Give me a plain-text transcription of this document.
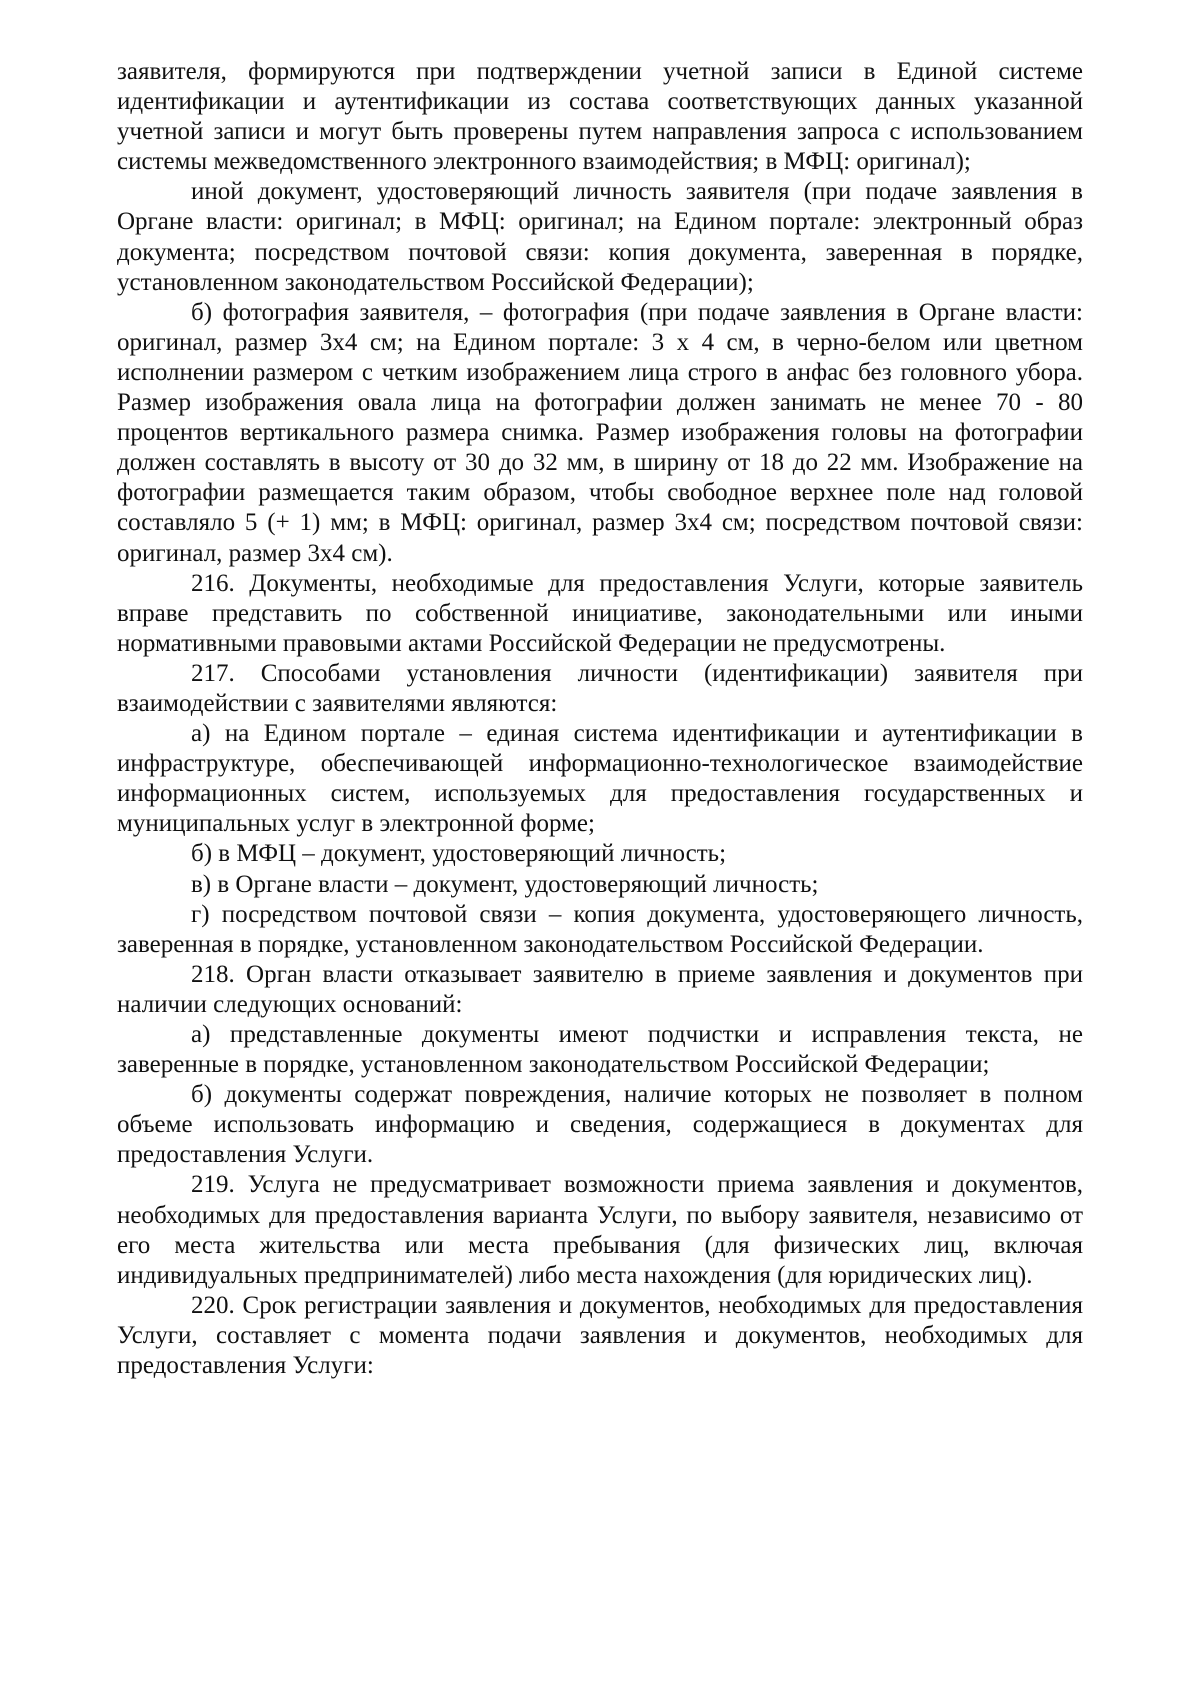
заявителя, формируются при подтверждении учетной записи в Единой системе идентификации и аутентификации из состава соответствующих данных указанной учетной записи и могут быть проверены путем направления запроса с использованием системы межведомственного электронного взаимодействия; в МФЦ: оригинал);

иной документ, удостоверяющий личность заявителя (при подаче заявления в Органе власти: оригинал; в МФЦ: оригинал; на Едином портале: электронный образ документа; посредством почтовой связи: копия документа, заверенная в порядке, установленном законодательством Российской Федерации);

б) фотография заявителя, – фотография (при подаче заявления в Органе власти: оригинал, размер 3х4 см; на Едином портале: 3 х 4 см, в черно-белом или цветном исполнении размером с четким изображением лица строго в анфас без головного убора. Размер изображения овала лица на фотографии должен занимать не менее 70 - 80 процентов вертикального размера снимка. Размер изображения головы на фотографии должен составлять в высоту от 30 до 32 мм, в ширину от 18 до 22 мм. Изображение на фотографии размещается таким образом, чтобы свободное верхнее поле над головой составляло 5 (+ 1) мм; в МФЦ: оригинал, размер 3х4 см; посредством почтовой связи: оригинал, размер 3х4 см).

216. Документы, необходимые для предоставления Услуги, которые заявитель вправе представить по собственной инициативе, законодательными или иными нормативными правовыми актами Российской Федерации не предусмотрены.

217. Способами установления личности (идентификации) заявителя при взаимодействии с заявителями являются:

а) на Едином портале – единая система идентификации и аутентификации в инфраструктуре, обеспечивающей информационно-технологическое взаимодействие информационных систем, используемых для предоставления государственных и муниципальных услуг в электронной форме;

б) в МФЦ – документ, удостоверяющий личность;

в) в Органе власти – документ, удостоверяющий личность;

г) посредством почтовой связи – копия документа, удостоверяющего личность, заверенная в порядке, установленном законодательством Российской Федерации.

218. Орган власти отказывает заявителю в приеме заявления и документов при наличии следующих оснований:

а) представленные документы имеют подчистки и исправления текста, не заверенные в порядке, установленном законодательством Российской Федерации;

б) документы содержат повреждения, наличие которых не позволяет в полном объеме использовать информацию и сведения, содержащиеся в документах для предоставления Услуги.

219. Услуга не предусматривает возможности приема заявления и документов, необходимых для предоставления варианта Услуги, по выбору заявителя, независимо от его места жительства или места пребывания (для физических лиц, включая индивидуальных предпринимателей) либо места нахождения (для юридических лиц).

220. Срок регистрации заявления и документов, необходимых для предоставления Услуги, составляет с момента подачи заявления и документов, необходимых для предоставления Услуги:
